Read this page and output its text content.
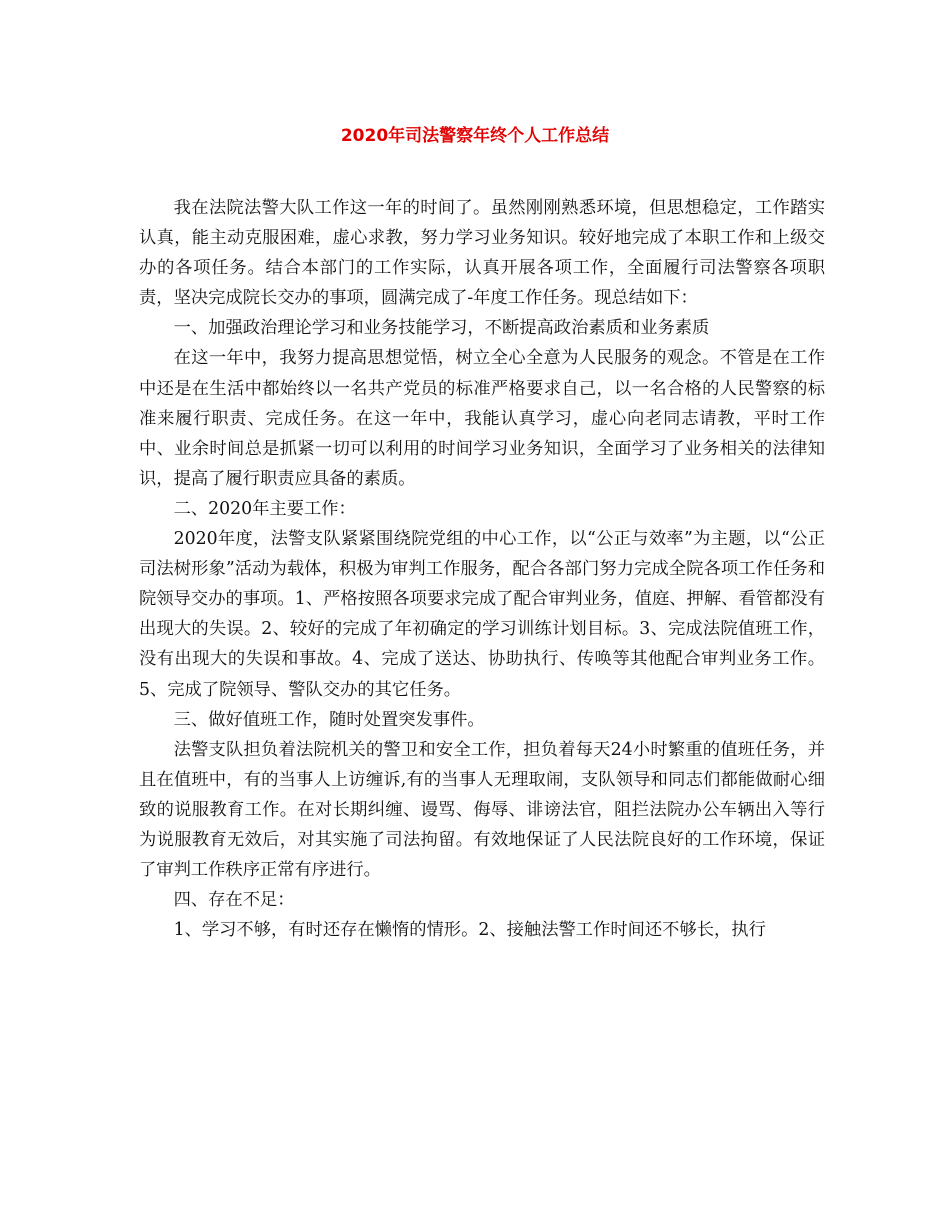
2020年司法警察年终个人工作总结

我在法院法警大队工作这一年的时间了。虽然刚刚熟悉环境，但思想稳定，工作踏实认真，能主动克服困难，虚心求教，努力学习业务知识。较好地完成了本职工作和上级交办的各项任务。结合本部门的工作实际，认真开展各项工作，全面履行司法警察各项职责，坚决完成院长交办的事项，圆满完成了-年度工作任务。现总结如下：

一、加强政治理论学习和业务技能学习，不断提高政治素质和业务素质

在这一年中，我努力提高思想觉悟，树立全心全意为人民服务的观念。不管是在工作中还是在生活中都始终以一名共产党员的标准严格要求自己，以一名合格的人民警察的标准来履行职责、完成任务。在这一年中，我能认真学习，虚心向老同志请教，平时工作中、业余时间总是抓紧一切可以利用的时间学习业务知识，全面学习了业务相关的法律知识，提高了履行职责应具备的素质。

二、2020年主要工作：

2020年度，法警支队紧紧围绕院党组的中心工作，以“公正与效率”为主题，以“公正司法树形象”活动为载体，积极为审判工作服务，配合各部门努力完成全院各项工作任务和院领导交办的事项。1、严格按照各项要求完成了配合审判业务，值庭、押解、看管都没有出现大的失误。2、较好的完成了年初确定的学习训练计划目标。3、完成法院值班工作，没有出现大的失误和事故。4、完成了送达、协助执行、传唤等其他配合审判业务工作。5、完成了院领导、警队交办的其它任务。

三、做好值班工作，随时处置突发事件。

法警支队担负着法院机关的警卫和安全工作，担负着每天24小时繁重的值班任务，并且在值班中，有的当事人上访缠诉,有的当事人无理取闹，支队领导和同志们都能做耐心细致的说服教育工作。在对长期纠缠、谩骂、侮辱、诽谤法官，阻拦法院办公车辆出入等行为说服教育无效后，对其实施了司法拘留。有效地保证了人民法院良好的工作环境，保证了审判工作秩序正常有序进行。

四、存在不足：

1、学习不够，有时还存在懒惰的情形。2、接触法警工作时间还不够长，执行
